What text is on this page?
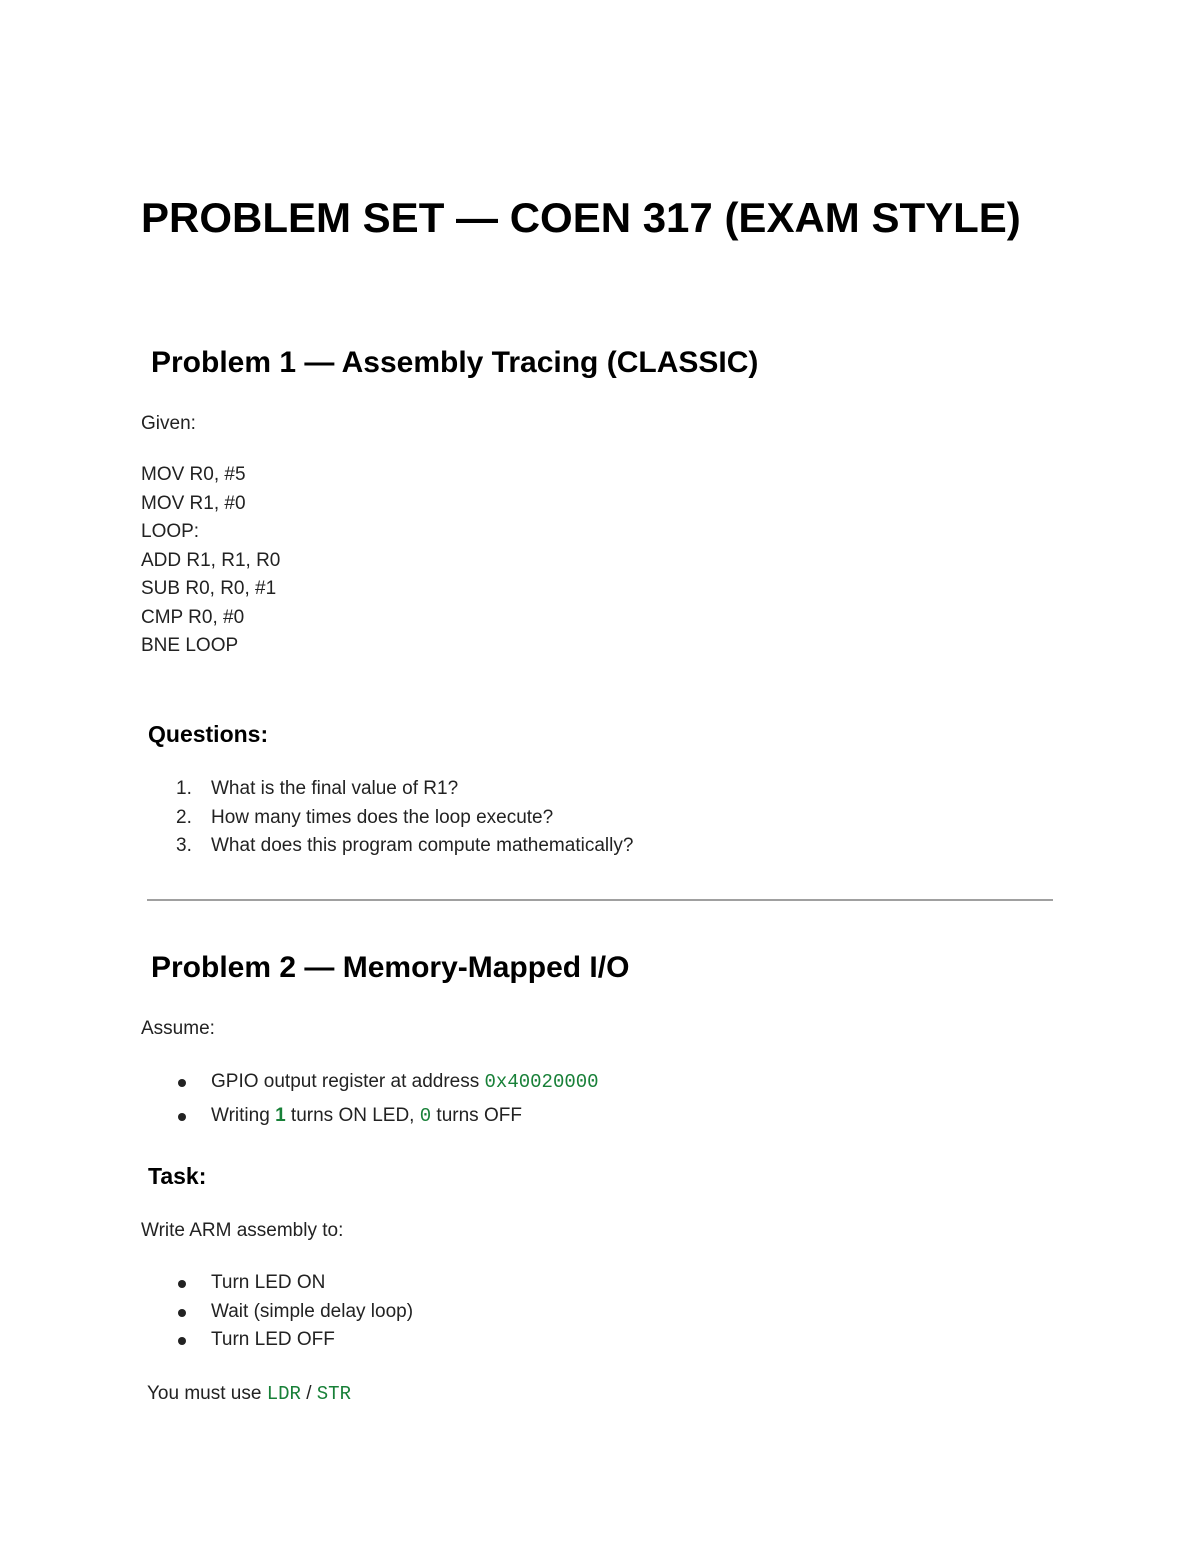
PROBLEM SET — COEN 317 (EXAM STYLE)
Problem 1 — Assembly Tracing (CLASSIC)

Given:

MOV R0, #5
MOV R1, #0
LOOP:
ADD R1, R1, R0
SUB R0, R0, #1
CMP R0, #0
BNE LOOP
Questions:
1. What is the final value of R1?
2. How many times does the loop execute?
3. What does this program compute mathematically?
Problem 2 — Memory-Mapped I/O

Assume:

GPIO output register at address 0x40020000
Writing 1 turns ON LED, 0 turns OFF
Task:

Write ARM assembly to:

Turn LED ON
Wait (simple delay loop)
Turn LED OFF

You must use LDR / STR
